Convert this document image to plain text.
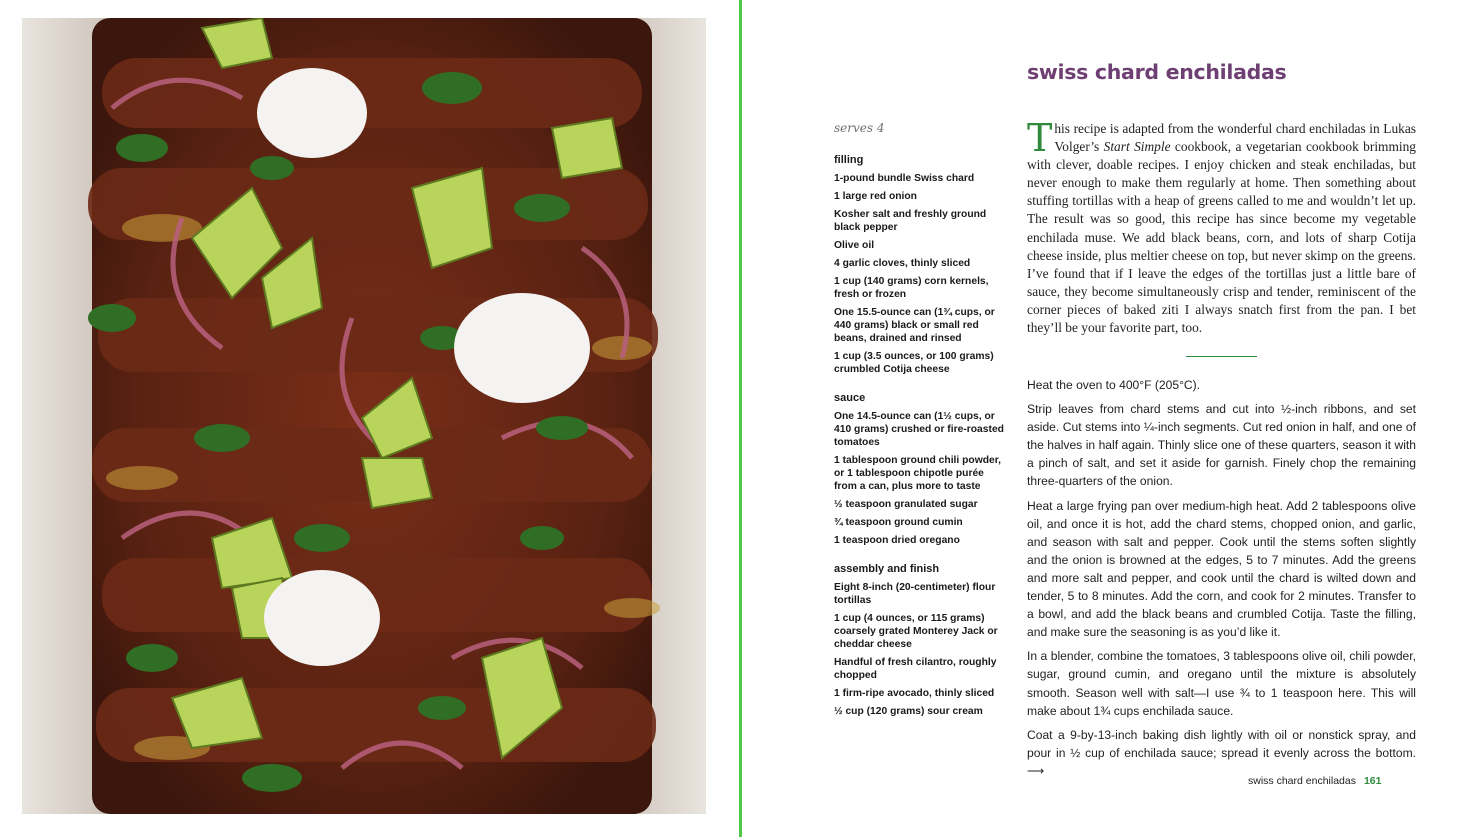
swiss chard enchiladas
serves 4
filling
1-pound bundle Swiss chard
1 large red onion
Kosher salt and freshly ground black pepper
Olive oil
4 garlic cloves, thinly sliced
1 cup (140 grams) corn kernels, fresh or frozen
One 15.5-ounce can (1¾ cups, or 440 grams) black or small red beans, drained and rinsed
1 cup (3.5 ounces, or 100 grams) crumbled Cotija cheese
sauce
One 14.5-ounce can (1½ cups, or 410 grams) crushed or fire-roasted tomatoes
1 tablespoon ground chili powder, or 1 tablespoon chipotle purée from a can, plus more to taste
½ teaspoon granulated sugar
¾ teaspoon ground cumin
1 teaspoon dried oregano
assembly and finish
Eight 8-inch (20-centimeter) flour tortillas
1 cup (4 ounces, or 115 grams) coarsely grated Monterey Jack or cheddar cheese
Handful of fresh cilantro, roughly chopped
1 firm-ripe avocado, thinly sliced
½ cup (120 grams) sour cream

This recipe is adapted from the wonderful chard enchiladas in Lukas Volger’s Start Simple cookbook, a vegetarian cookbook brimming with clever, doable recipes. I enjoy chicken and steak enchiladas, but never enough to make them regularly at home. Then something about stuffing tortillas with a heap of greens called to me and wouldn’t let up. The result was so good, this recipe has since become my vegetable enchilada muse. We add black beans, corn, and lots of sharp Cotija cheese inside, plus meltier cheese on top, but never skimp on the greens. I’ve found that if I leave the edges of the tortillas just a little bare of sauce, they become simultaneously crisp and tender, reminiscent of the corner pieces of baked ziti I always snatch first from the pan. I bet they’ll be your favorite part, too.

Heat the oven to 400°F (205°C).

Strip leaves from chard stems and cut into ½-inch ribbons, and set aside. Cut stems into ¼-inch segments. Cut red onion in half, and one of the halves in half again. Thinly slice one of these quarters, season it with a pinch of salt, and set it aside for garnish. Finely chop the remaining three-quarters of the onion.

Heat a large frying pan over medium-high heat. Add 2 tablespoons olive oil, and once it is hot, add the chard stems, chopped onion, and garlic, and season with salt and pepper. Cook until the stems soften slightly and the onion is browned at the edges, 5 to 7 minutes. Add the greens and more salt and pepper, and cook until the chard is wilted down and tender, 5 to 8 minutes. Add the corn, and cook for 2 minutes. Transfer to a bowl, and add the black beans and crumbled Cotija. Taste the filling, and make sure the seasoning is as you’d like it.

In a blender, combine the tomatoes, 3 tablespoons olive oil, chili powder, sugar, ground cumin, and oregano until the mixture is absolutely smooth. Season well with salt—I use ¾ to 1 teaspoon here. This will make about 1¾ cups enchilada sauce.

Coat a 9-by-13-inch baking dish lightly with oil or nonstick spray, and pour in ½ cup of enchilada sauce; spread it evenly across the bottom. ⟶

swiss chard enchiladas 161
